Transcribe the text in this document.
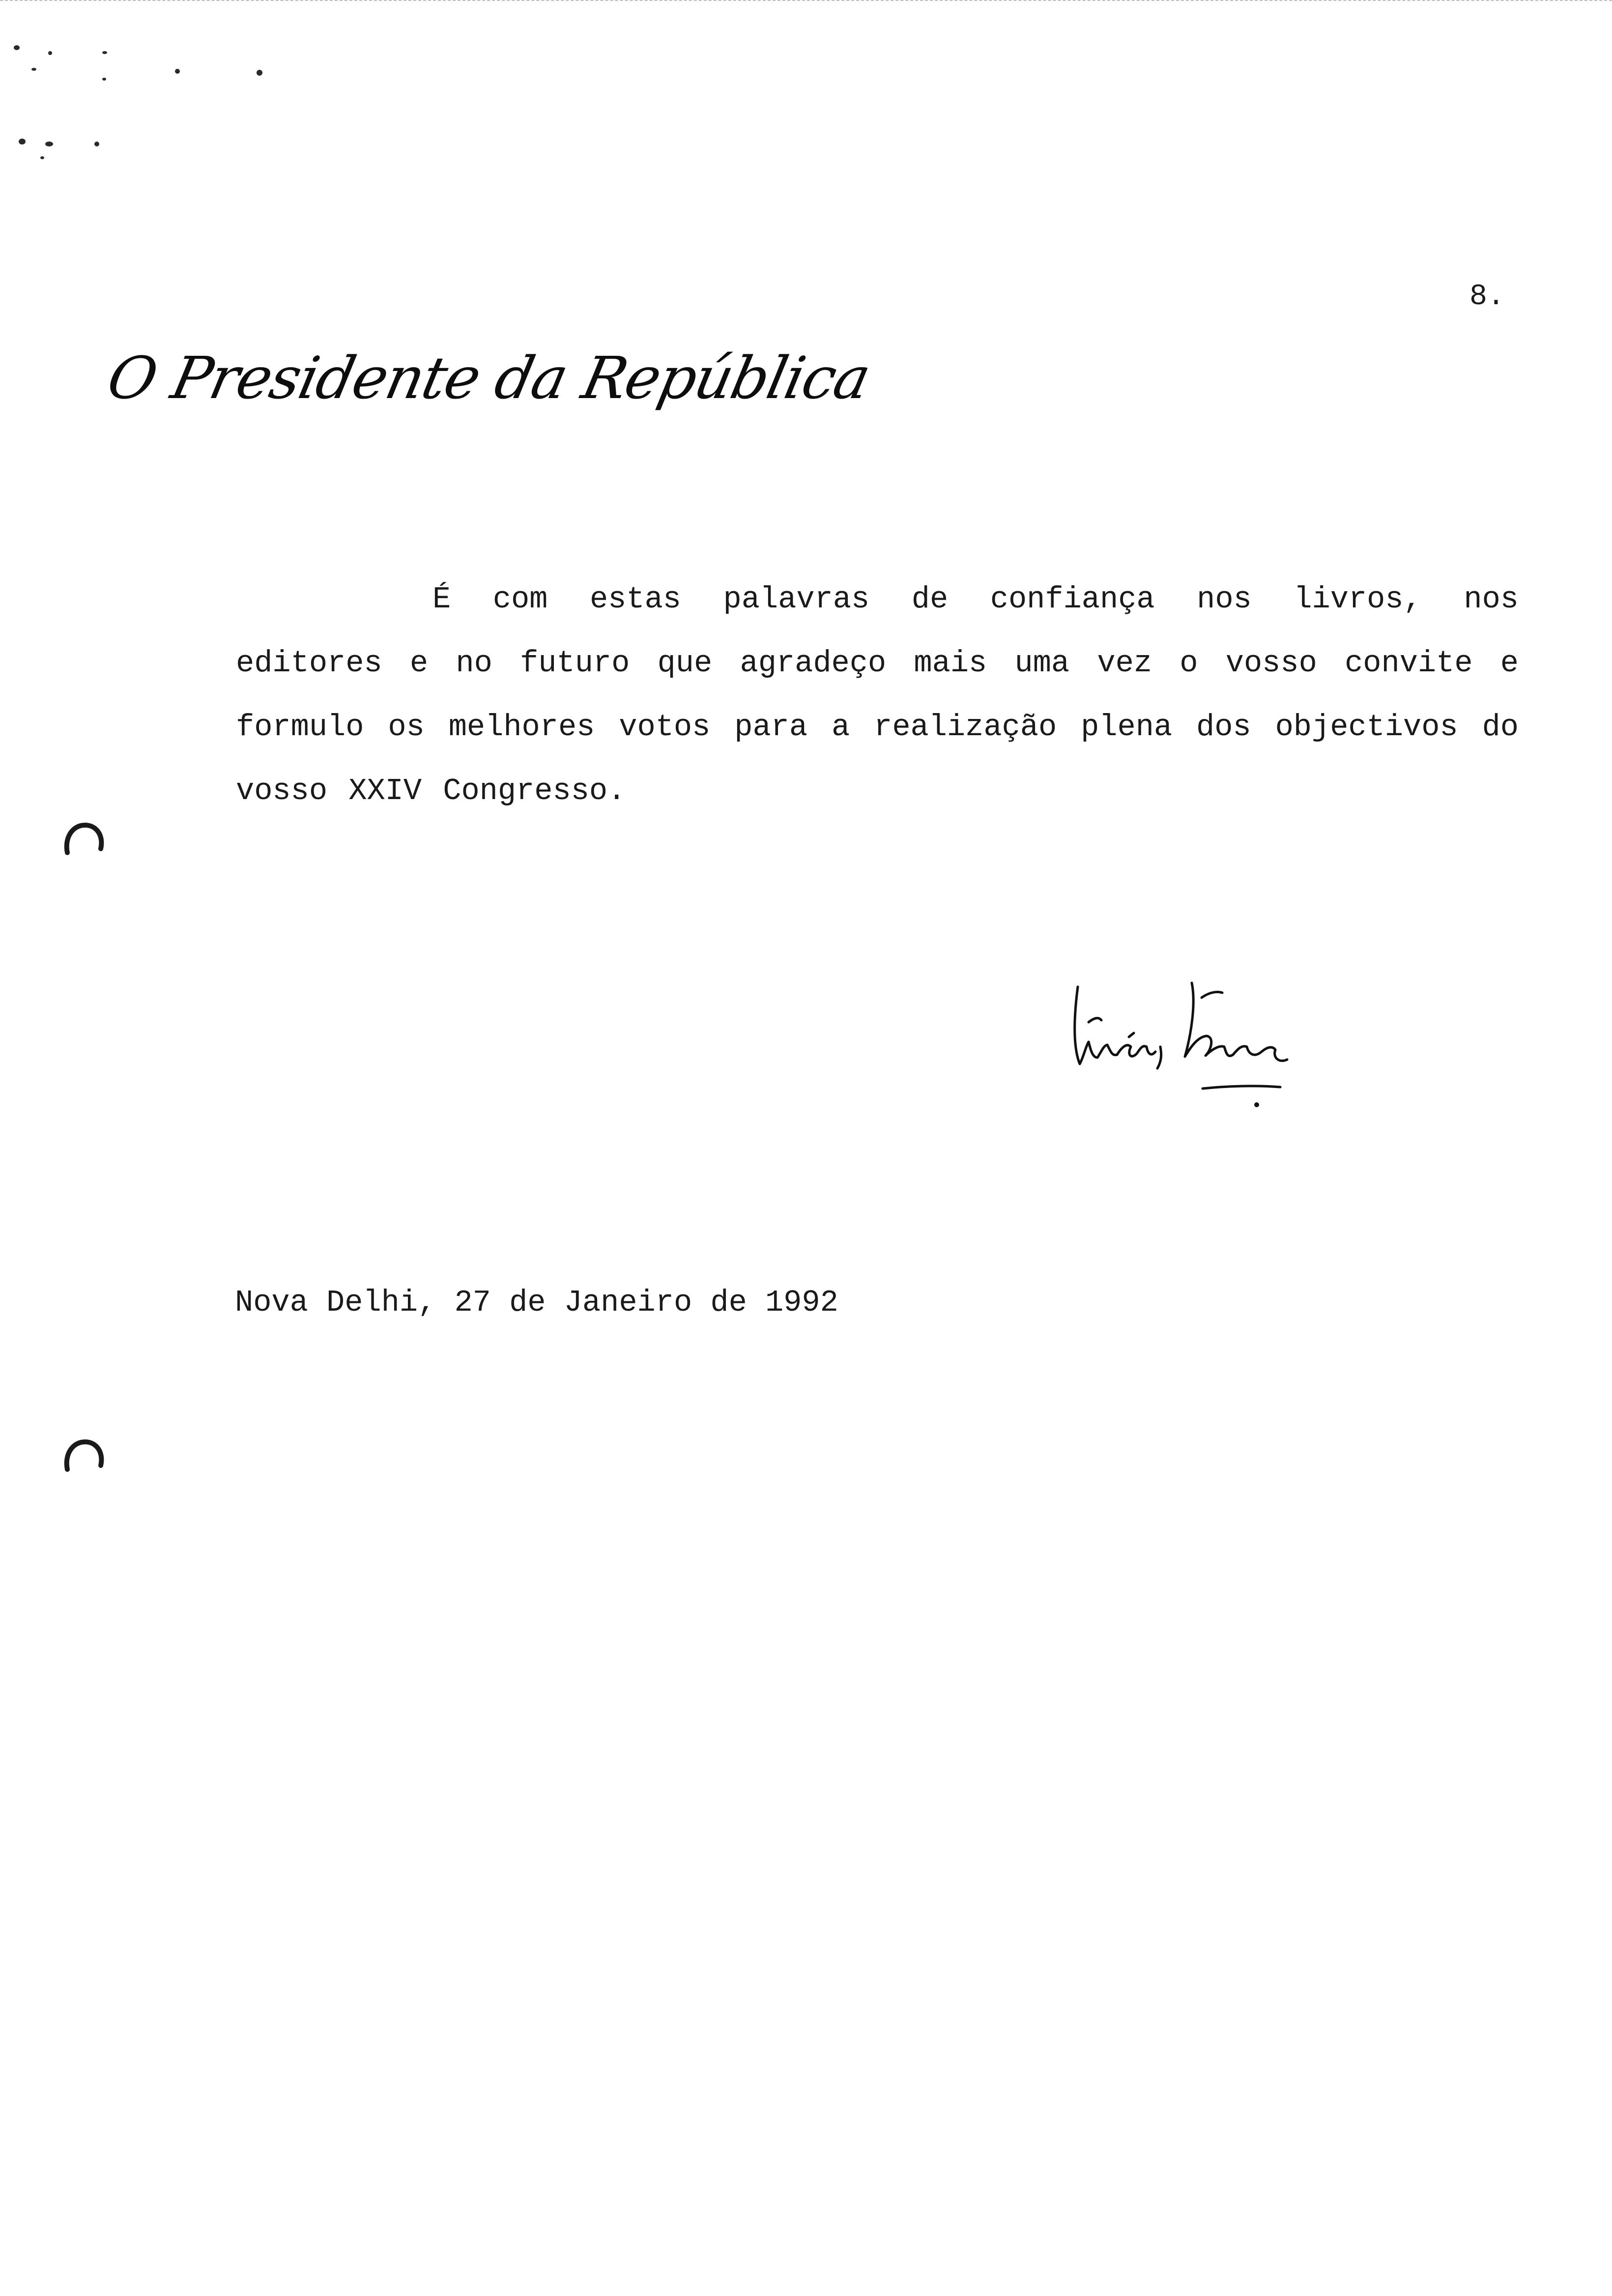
8.
O Presidente da República

É com estas palavras de confiança nos livros, nos editores e no futuro que agradeço mais uma vez o vosso convite e formulo os melhores votos para a realização plena dos objectivos do vosso XXIV Congresso.

Nova Delhi, 27 de Janeiro de 1992
